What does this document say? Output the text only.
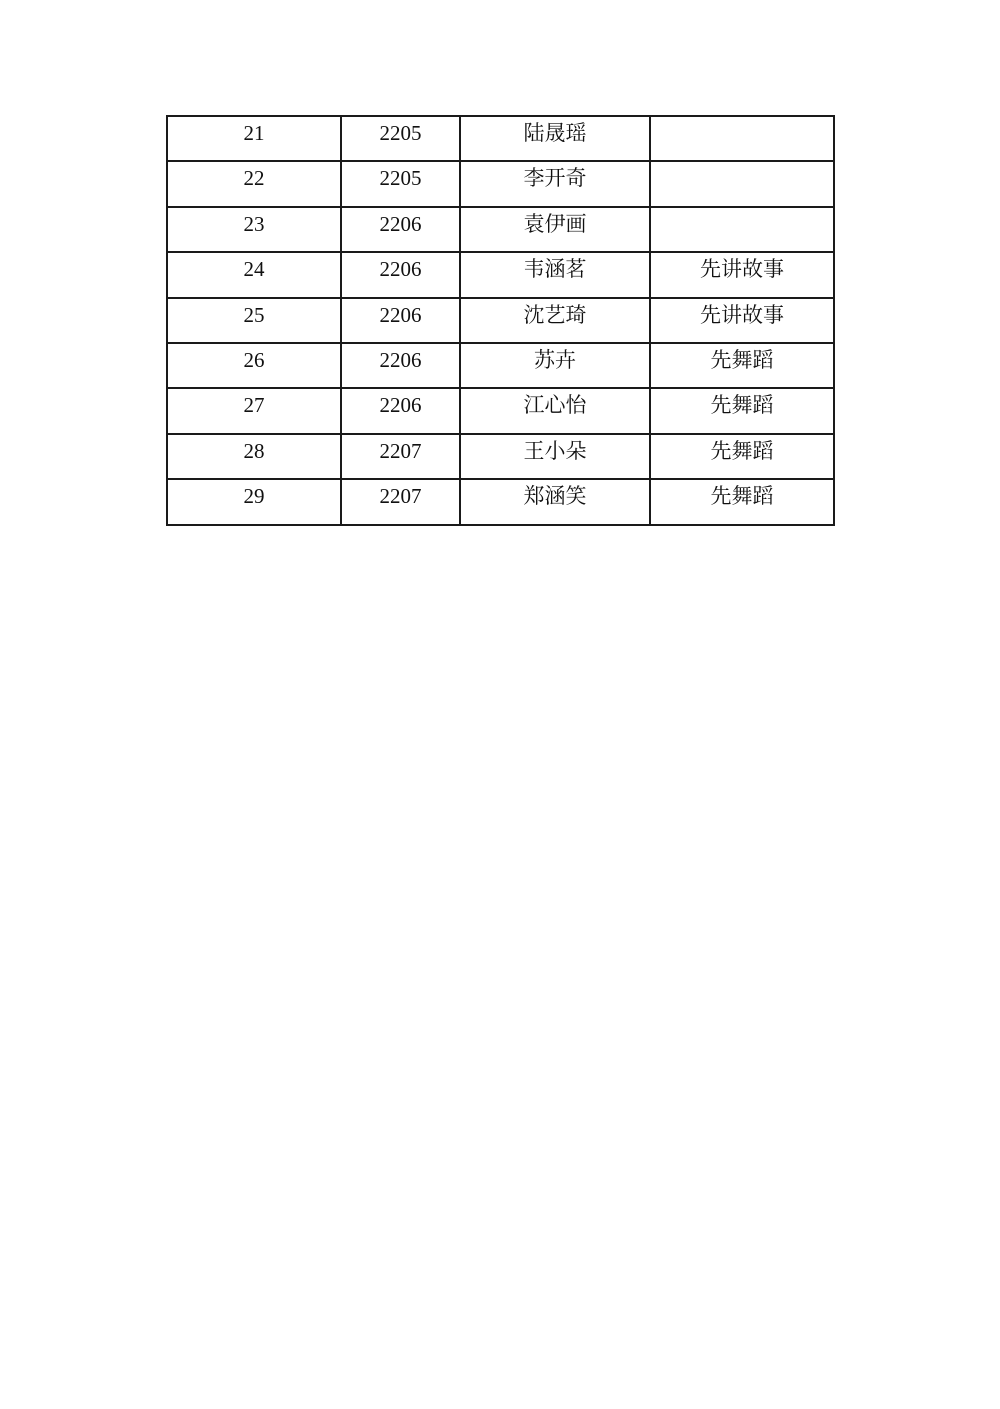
21	2205	陆晟瑶	
22	2205	李开奇	
23	2206	袁伊画	
24	2206	韦涵茗	先讲故事
25	2206	沈艺琦	先讲故事
26	2206	苏卉	先舞蹈
27	2206	江心怡	先舞蹈
28	2207	王小朵	先舞蹈
29	2207	郑涵笑	先舞蹈
